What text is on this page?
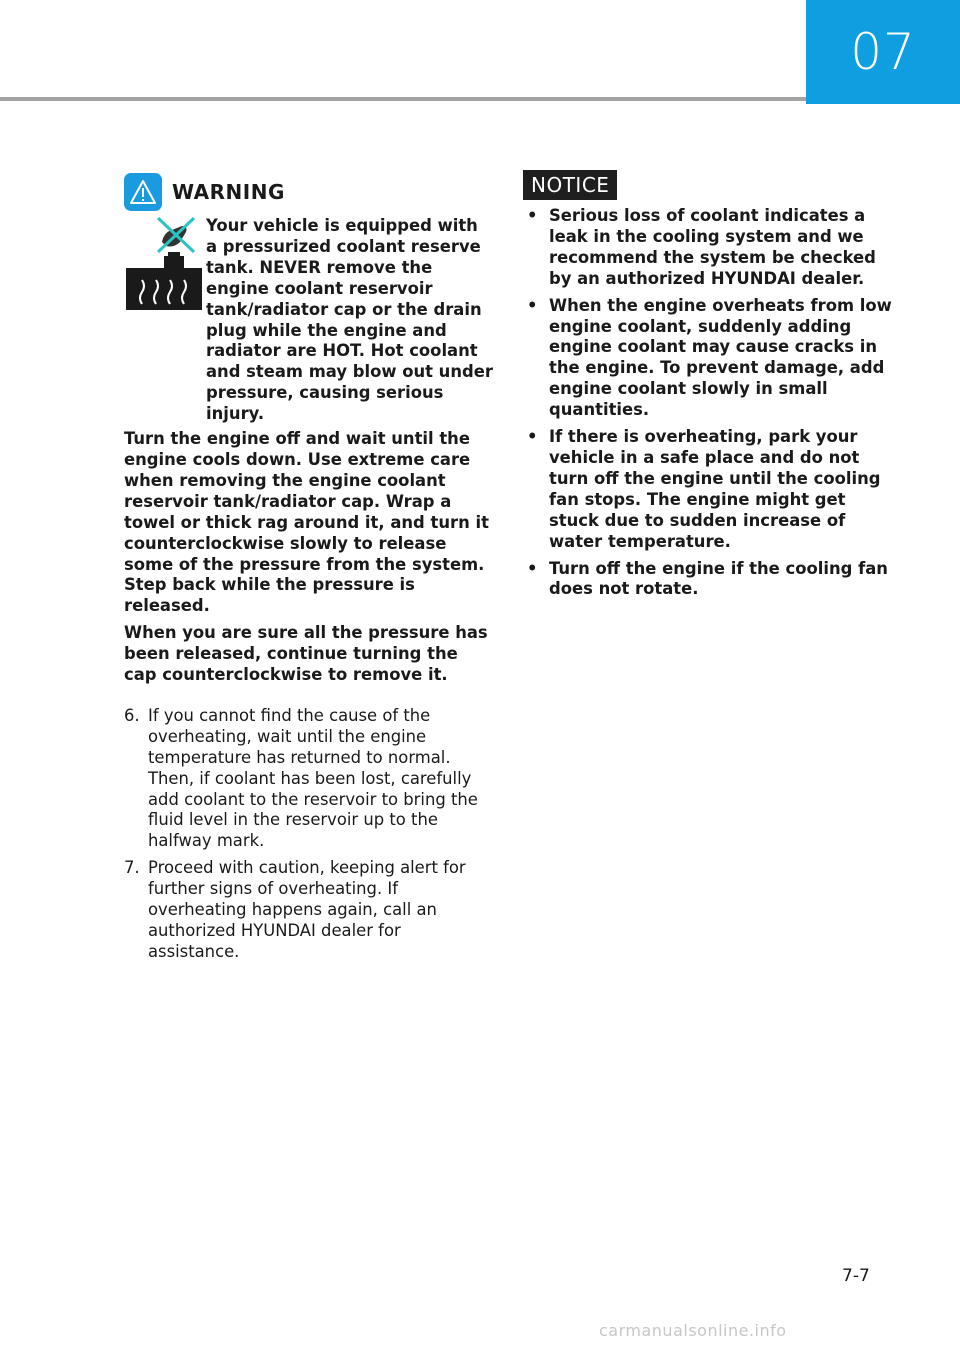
07
WARNING
Your vehicle is equipped with a pressurized coolant reserve tank. NEVER remove the engine coolant reservoir tank/radiator cap or the drain plug while the engine and radiator are HOT. Hot coolant and steam may blow out under pressure, causing serious injury.

Turn the engine off and wait until the engine cools down. Use extreme care when removing the engine coolant reservoir tank/radiator cap. Wrap a towel or thick rag around it, and turn it counterclockwise slowly to release some of the pressure from the system. Step back while the pressure is released.

When you are sure all the pressure has been released, continue turning the cap counterclockwise to remove it.

6. If you cannot find the cause of the overheating, wait until the engine temperature has returned to normal. Then, if coolant has been lost, carefully add coolant to the reservoir to bring the fluid level in the reservoir up to the halfway mark.
7. Proceed with caution, keeping alert for further signs of overheating. If overheating happens again, call an authorized HYUNDAI dealer for assistance.
NOTICE
• Serious loss of coolant indicates a leak in the cooling system and we recommend the system be checked by an authorized HYUNDAI dealer.
• When the engine overheats from low engine coolant, suddenly adding engine coolant may cause cracks in the engine. To prevent damage, add engine coolant slowly in small quantities.
• If there is overheating, park your vehicle in a safe place and do not turn off the engine until the cooling fan stops. The engine might get stuck due to sudden increase of water temperature.
• Turn off the engine if the cooling fan does not rotate.
7-7
carmanualsonline.info
